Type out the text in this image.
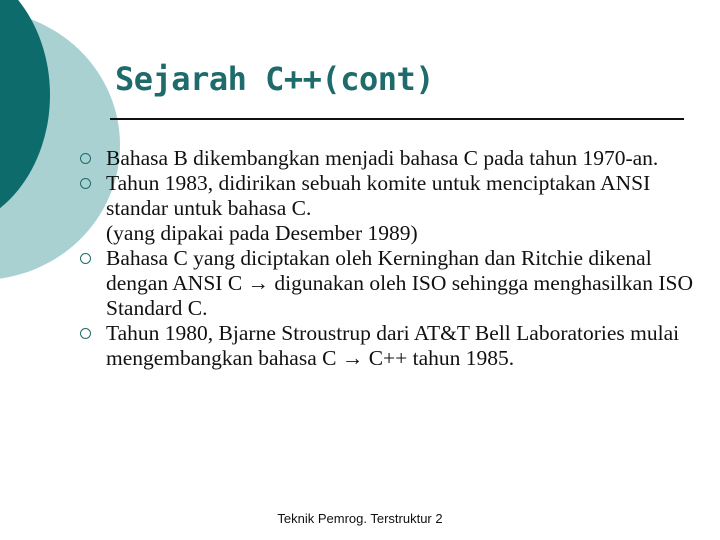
Sejarah C++(cont)
Bahasa B dikembangkan menjadi bahasa C pada tahun 1970-an.
Tahun 1983, didirikan sebuah komite untuk menciptakan ANSI standar untuk bahasa C.
(yang dipakai pada Desember 1989)
Bahasa C yang diciptakan oleh Kerninghan dan Ritchie dikenal dengan ANSI C → digunakan oleh ISO sehingga menghasilkan ISO Standard C.
Tahun 1980, Bjarne Stroustrup dari AT&T Bell Laboratories mulai mengembangkan bahasa C → C++ tahun 1985.
Teknik Pemrog. Terstruktur 2
